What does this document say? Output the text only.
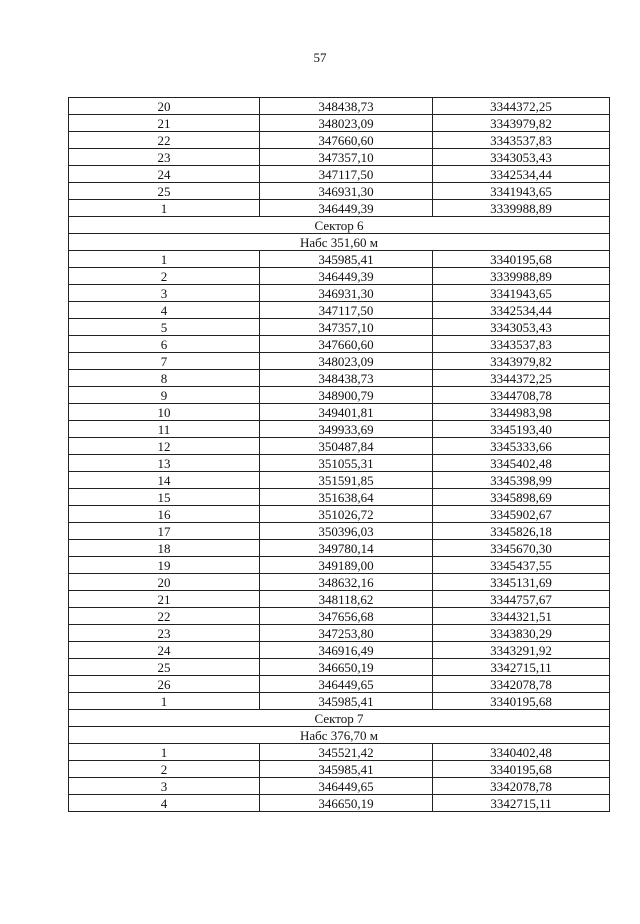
57
20	348438,73	3344372,25
21	348023,09	3343979,82
22	347660,60	3343537,83
23	347357,10	3343053,43
24	347117,50	3342534,44
25	346931,30	3341943,65
1	346449,39	3339988,89
Сектор 6		
Набс 351,60 м		
1	345985,41	3340195,68
2	346449,39	3339988,89
3	346931,30	3341943,65
4	347117,50	3342534,44
5	347357,10	3343053,43
6	347660,60	3343537,83
7	348023,09	3343979,82
8	348438,73	3344372,25
9	348900,79	3344708,78
10	349401,81	3344983,98
11	349933,69	3345193,40
12	350487,84	3345333,66
13	351055,31	3345402,48
14	351591,85	3345398,99
15	351638,64	3345898,69
16	351026,72	3345902,67
17	350396,03	3345826,18
18	349780,14	3345670,30
19	349189,00	3345437,55
20	348632,16	3345131,69
21	348118,62	3344757,67
22	347656,68	3344321,51
23	347253,80	3343830,29
24	346916,49	3343291,92
25	346650,19	3342715,11
26	346449,65	3342078,78
1	345985,41	3340195,68
Сектор 7		
Набс 376,70 м		
1	345521,42	3340402,48
2	345985,41	3340195,68
3	346449,65	3342078,78
4	346650,19	3342715,11
